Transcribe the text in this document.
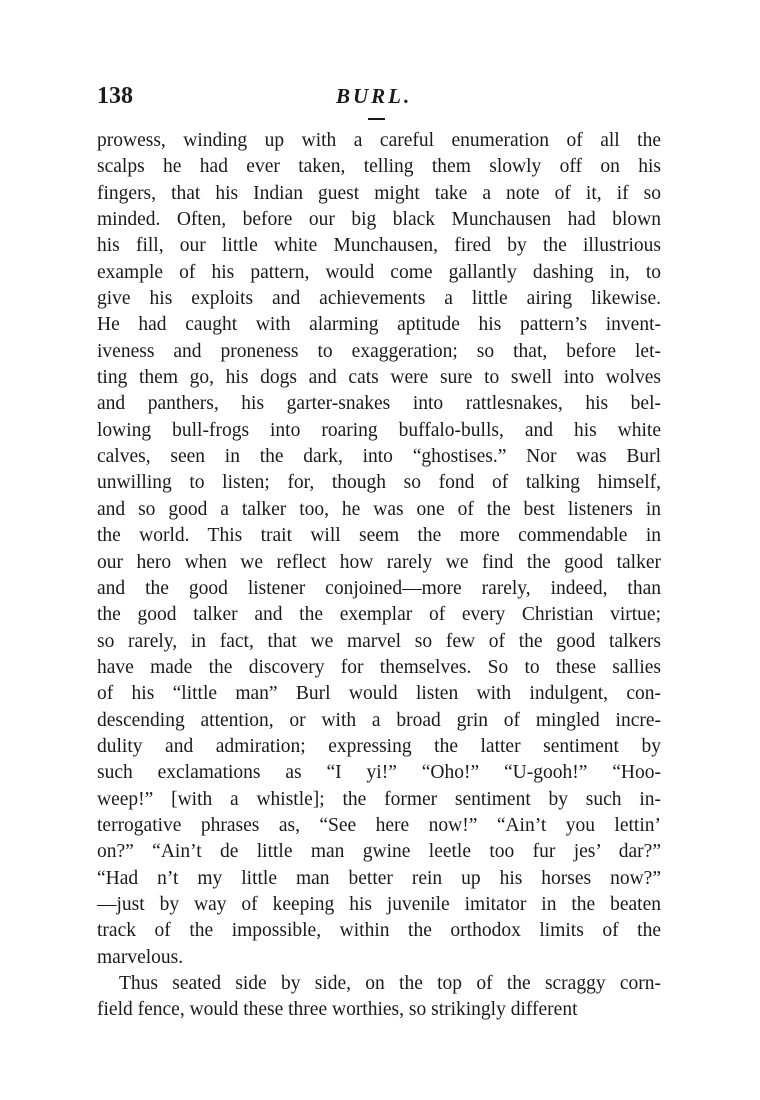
138	BURL.
prowess, winding up with a careful enumeration of all the
scalps he had ever taken, telling them slowly off on his
fingers, that his Indian guest might take a note of it, if so
minded. Often, before our big black Munchausen had blown
his fill, our little white Munchausen, fired by the illustrious
example of his pattern, would come gallantly dashing in, to
give his exploits and achievements a little airing likewise.
He had caught with alarming aptitude his pattern’s invent-
iveness and proneness to exaggeration; so that, before let-
ting them go, his dogs and cats were sure to swell into wolves
and panthers, his garter-snakes into rattlesnakes, his bel-
lowing bull-frogs into roaring buffalo-bulls, and his white
calves, seen in the dark, into “ghostises.” Nor was Burl
unwilling to listen; for, though so fond of talking himself,
and so good a talker too, he was one of the best listeners in
the world. This trait will seem the more commendable in
our hero when we reflect how rarely we find the good talker
and the good listener conjoined—more rarely, indeed, than
the good talker and the exemplar of every Christian virtue;
so rarely, in fact, that we marvel so few of the good talkers
have made the discovery for themselves. So to these sallies
of his “little man” Burl would listen with indulgent, con-
descending attention, or with a broad grin of mingled incre-
dulity and admiration; expressing the latter sentiment by
such exclamations as “I yi!” “Oho!” “U-gooh!” “Hoo-
weep!” [with a whistle]; the former sentiment by such in-
terrogative phrases as, “See here now!” “Ain’t you lettin’
on?” “Ain’t de little man gwine leetle too fur jes’ dar?”
“Had n’t my little man better rein up his horses now?”
—just by way of keeping his juvenile imitator in the beaten
track of the impossible, within the orthodox limits of the
marvelous.
Thus seated side by side, on the top of the scraggy corn-
field fence, would these three worthies, so strikingly different
